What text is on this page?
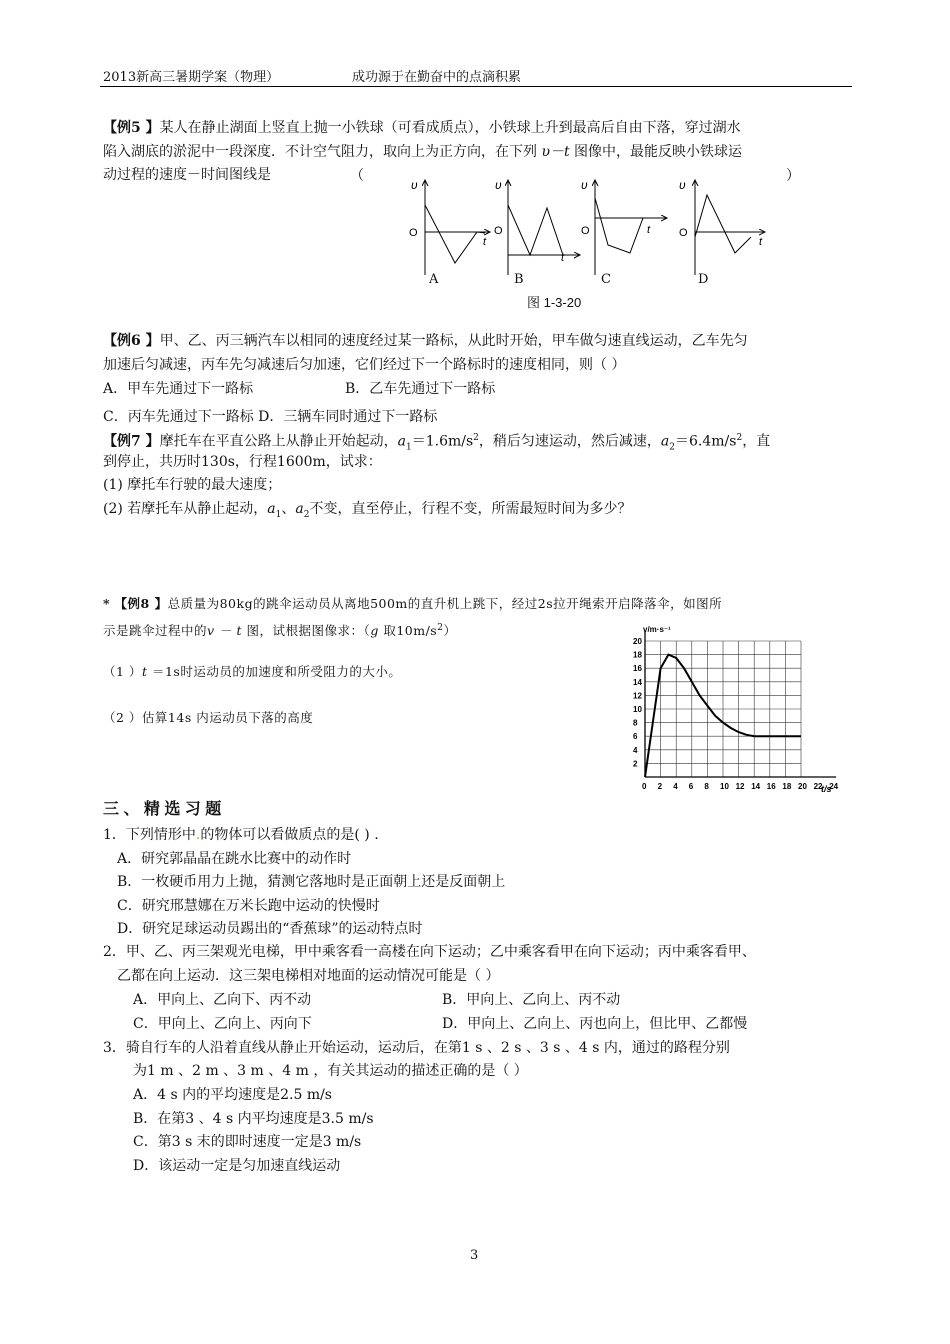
2013新高三暑期学案（物理）	成功源于在勤奋中的点滴积累
【例5 】某人在静止湖面上竖直上抛一小铁球（可看成质点），小铁球上升到最高后自由下落，穿过湖水
陷入湖底的淤泥中一段深度．不计空气阻力，取向上为正方向，在下列 υ－t 图像中，最能反映小铁球运
动过程的速度－时间图线是	（	）
υ
O
t
υ
O
t
υ
O	t
υ
O
t
A	B	C	D
图 1-3-20
【例6 】甲、乙、丙三辆汽车以相同的速度经过某一路标，从此时开始，甲车做匀速直线运动，乙车先匀
加速后匀减速，丙车先匀减速后匀加速，它们经过下一个路标时的速度相同，则（ ）
A．甲车先通过下一路标	B．乙车先通过下一路标
C．丙车先通过下一路标 D．三辆车同时通过下一路标
【例7 】摩托车在平直公路上从静止开始起动，$a_1=1.6m/s^2$，稍后匀速运动，然后减速，$a_2=6.4m/s^2$，直
到停止，共历时130s，行程1600m，试求：
(1) 摩托车行驶的最大速度；
(2) 若摩托车从静止起动，$a_1$、$a_2$不变，直至停止，行程不变，所需最短时间为多少？
* 【例8 】总质量为80kg的跳伞运动员从离地500m的直升机上跳下，经过2s拉开绳索开启降落伞，如图所
示是跳伞过程中的v － t 图，试根据图像求：（g 取$10m/s^2$）
（1 ）t ＝1s时运动员的加速度和所受阻力的大小。
（2 ）估算14s 内运动员下落的高度
0 2 4 6 8 10 12 14 16 18 20 22 24
2
4
6
8
10
12
14
16
18
20
v/m·s⁻¹
t/s
三 、 精 选 习 题
1．下列情形中.的物体可以看做质点的是( ) .
A．研究郭晶晶在跳水比赛中的动作时
B．一枚硬币用力上抛，猜测它落地时是正面朝上还是反面朝上
C．研究邢慧娜在万米长跑中运动的快慢时
D．研究足球运动员踢出的“香蕉球”的运动特点时
2．甲、乙、丙三架观光电梯，甲中乘客看一高楼在向下运动；乙中乘客看甲在向下运动；丙中乘客看甲、
乙都在向上运动．这三架电梯相对地面的运动情况可能是（ ）
A．甲向上、乙向下、丙不动	B．甲向上、乙向上、丙不动
C．甲向上、乙向上、丙向下	D．甲向上、乙向上、丙也向上，但比甲、乙都慢
3．骑自行车的人沿着直线从静止开始运动，运动后，在第1 s 、2 s 、3 s 、4 s 内，通过的路程分别
为1 m 、2 m 、3 m 、4 m ，有关其运动的描述正确的是（ ）
A．4 s 内的平均速度是2.5 m/s
B．在第3 、4 s 内平均速度是3.5 m/s
C．第3 s 末的即时速度一定是3 m/s
D．该运动一定是匀加速直线运动
3
